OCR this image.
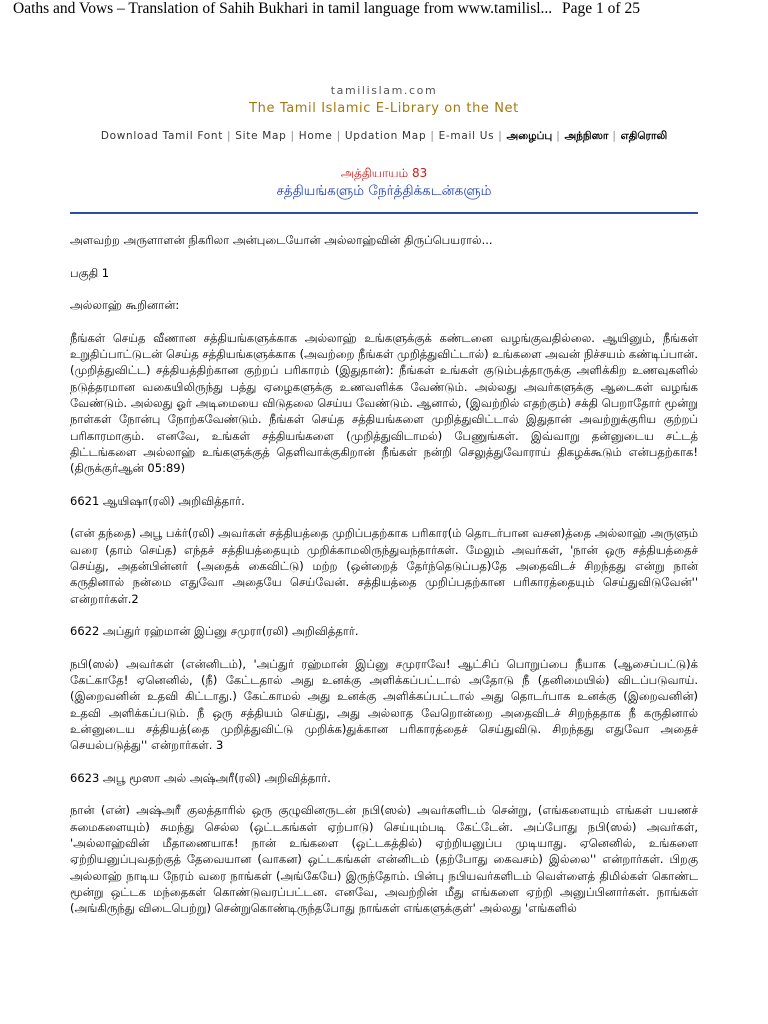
Oaths and Vows – Translation of Sahih Bukhari in tamil language from www.tamilisl... Page 1 of 25
tamilislam.com
The Tamil Islamic E-Library on the Net
Download Tamil Font | Site Map | Home | Updation Map | E-mail Us | அழைப்பு | அந்நிஸா | எதிரொலி
அத்தியாயம் 83
சத்தியங்களும் நேர்த்திக்கடன்களும்

அளவற்ற அருளாளன் நிகரிலா அன்புடையோன் அல்லாஹ்வின் திருப்பெயரால்...

பகுதி 1

அல்லாஹ் கூறினான்:

நீங்கள் செய்த வீணான சத்தியங்களுக்காக அல்லாஹ் உங்களுக்குக் கண்டனை வழங்குவதில்லை. ஆயினும், நீங்கள் உறுதிப்பாட்டுடன் செய்த சத்தியங்களுக்காக (அவற்றை நீங்கள் முறித்துவிட்டால்) உங்களை அவன் நிச்சயம் கண்டிப்பான். (முறித்துவிட்ட) சத்தியத்திற்கான குற்றப் பரிகாரம் (இதுதான்): நீங்கள் உங்கள் குடும்பத்தாருக்கு அளிக்கிற உணவுகளில் நடுத்தரமான வகையிலிருந்து பத்து ஏழைகளுக்கு உணவளிக்க வேண்டும். அல்லது அவர்களுக்கு ஆடைகள் வழங்க வேண்டும். அல்லது ஓர் அடிமையை விடுதலை செய்ய வேண்டும். ஆனால், (இவற்றில் எதற்கும்) சக்தி பெறாதோர் மூன்று நாள்கள் நோன்பு நோற்கவேண்டும். நீங்கள் செய்த சத்தியங்களை முறித்துவிட்டால் இதுதான் அவற்றுக்குரிய குற்றப் பரிகாரமாகும். எனவே, உங்கள் சத்தியங்களை (முறித்துவிடாமல்) பேணுங்கள். இவ்வாறு தன்னுடைய சட்டத் திட்டங்களை அல்லாஹ் உங்களுக்குத் தெளிவாக்குகிறான் நீங்கள் நன்றி செலுத்துவோராய் திகழக்கூடும் என்பதற்காக! (திருக்குர்ஆன் 05:89)

6621 ஆயிஷா(ரலி) அறிவித்தார்.

(என் தந்தை) அபூ பக்ர்(ரலி) அவர்கள் சத்தியத்தை முறிப்பதற்காக பரிகார(ம் தொடர்பான வசன)த்தை அல்லாஹ் அருளும் வரை (தாம் செய்த) எந்தச் சத்தியத்தையும் முறிக்காமலிருந்துவந்தார்கள். மேலும் அவர்கள், 'நான் ஒரு சத்தியத்தைச் செய்து, அதன்பின்னர் (அதைக் கைவிட்டு) மற்ற (ஒன்றைத் தேர்ந்தெடுப்பத)தே அதைவிடச் சிறந்தது என்று நான் கருதினால் நன்மை எதுவோ அதையே செய்வேன். சத்தியத்தை முறிப்பதற்கான பரிகாரத்தையும் செய்துவிடுவேன்'' என்றார்கள்.2

6622 அப்துர் ரஹ்மான் இப்னு சமுரா(ரலி) அறிவித்தார்.

நபி(ஸல்) அவர்கள் (என்னிடம்), 'அப்துர் ரஹ்மான் இப்னு சமுராவே! ஆட்சிப் பொறுப்பை நீயாக (ஆசைப்பட்டு)க் கேட்காதே! ஏனெனில், (நீ) கேட்டதால் அது உனக்கு அளிக்கப்பட்டால் அதோடு நீ (தனிமையில்) விடப்படுவாய். (இறைவனின் உதவி கிட்டாது.) கேட்காமல் அது உனக்கு அளிக்கப்பட்டால் அது தொடர்பாக உனக்கு (இறைவனின்) உதவி அளிக்கப்படும். நீ ஒரு சத்தியம் செய்து, அது அல்லாத வேறொன்றை அதைவிடச் சிறந்ததாக நீ கருதினால் உன்னுடைய சத்தியத்(தை முறித்துவிட்டு முறிக்க)துக்கான பரிகாரத்தைச் செய்துவிடு. சிறந்தது எதுவோ அதைச் செயல்படுத்து'' என்றார்கள். 3

6623 அபூ மூஸா அல் அஷ்அரீ(ரலி) அறிவித்தார்.

நான் (என்) அஷ்அரீ குலத்தாரில் ஒரு குழுவினருடன் நபி(ஸல்) அவர்களிடம் சென்று, (எங்களையும் எங்கள் பயணச் சுமைகளையும்) சுமந்து செல்ல (ஒட்டகங்கள் ஏற்பாடு) செய்யும்படி கேட்டேன். அப்போது நபி(ஸல்) அவர்கள், 'அல்லாஹ்வின் மீதாணையாக! நான் உங்களை (ஒட்டகத்தில்) ஏற்றியனுப்ப முடியாது. ஏனெனில், உங்களை ஏற்றியனுப்புவதற்குத் தேவையான (வாகன) ஒட்டகங்கள் என்னிடம் (தற்போது கைவசம்) இல்லை'' என்றார்கள். பிறகு அல்லாஹ் நாடிய நேரம் வரை நாங்கள் (அங்கேயே) இருந்தோம். பின்பு நபியவர்களிடம் வெள்ளைத் திமில்கள் கொண்ட மூன்று ஒட்டக மந்தைகள் கொண்டுவரப்பட்டன. எனவே, அவற்றின் மீது எங்களை ஏற்றி அனுப்பினார்கள். நாங்கள் (அங்கிருந்து விடைபெற்று) சென்றுகொண்டிருந்தபோது நாங்கள் எங்களுக்குள்' அல்லது 'எங்களில்
